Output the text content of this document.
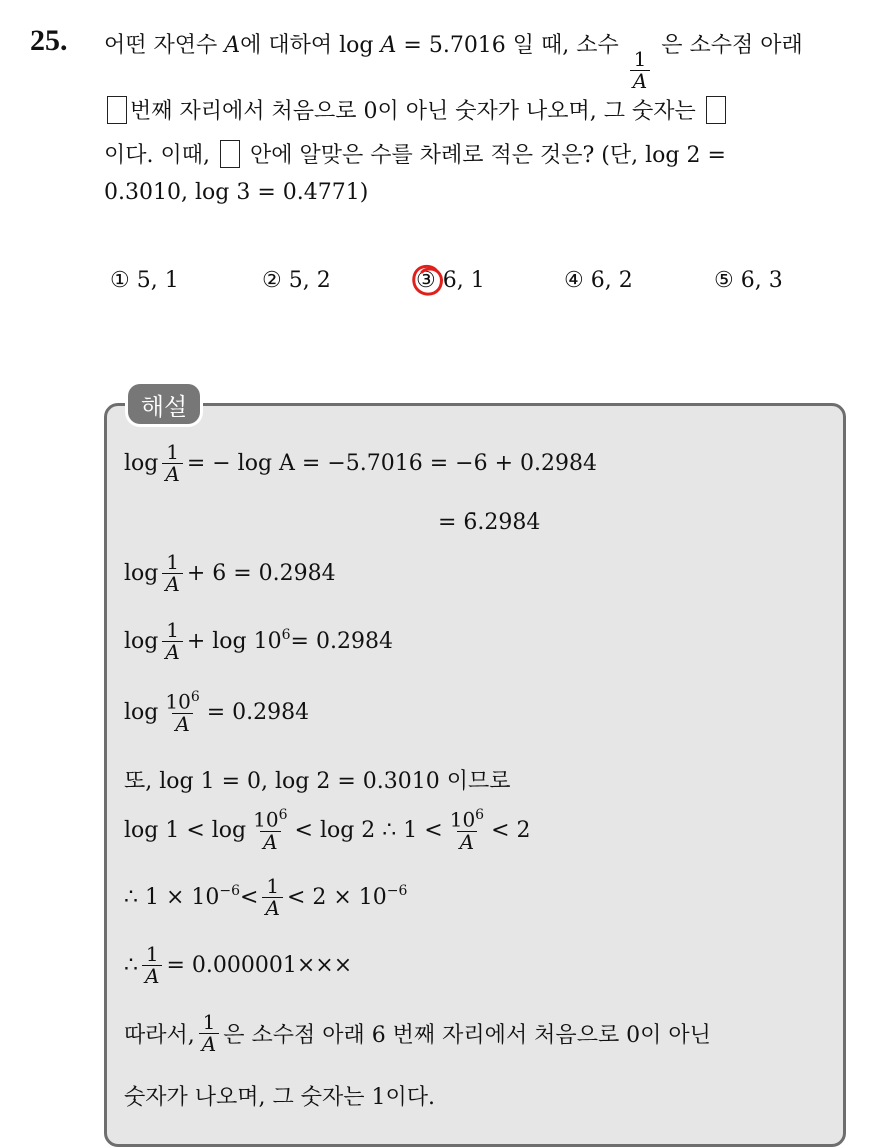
25. 어떤 자연수 A에 대하여 log A = 5.7016 일 때, 소수
$\frac{1}{A}$
은 소수점 아래
번째 자리에서 처음으로 0이 아닌 숫자가 나오며, 그 숫자는
이다. 이때, 안에 알맞은 수를 차례로 적은 것은? (단, log 2 =
0.3010, log 3 = 0.4771)
① 5, 1	② 5, 2	③ 6, 1	④ 6, 2	⑤ 6, 3
해설
$\log \frac{1}{A}$ = − log A = −5.7016 = −6 + 0.2984
= 6̄.2984
$\log \frac{1}{A} + 6 = 0.2984$
$\log \frac{1}{A} + \log 10^6 = 0.2984$
$\log \frac{10^6}{A} = 0.2984$
또, log 1 = 0, log 2 = 0.3010 이므로
$\log 1 < \log \frac{10^6}{A} < \log 2$ ∴ $1 < \frac{10^6}{A} < 2$
∴ $1 \times 10^{-6} < \frac{1}{A} < 2 \times 10^{-6}$
∴ $\frac{1}{A} = 0.000001\times\times\times$
따라서, $\frac{1}{A}$ 은 소수점 아래 6 번째 자리에서 처음으로 0이 아닌
숫자가 나오며, 그 숫자는 1이다.
